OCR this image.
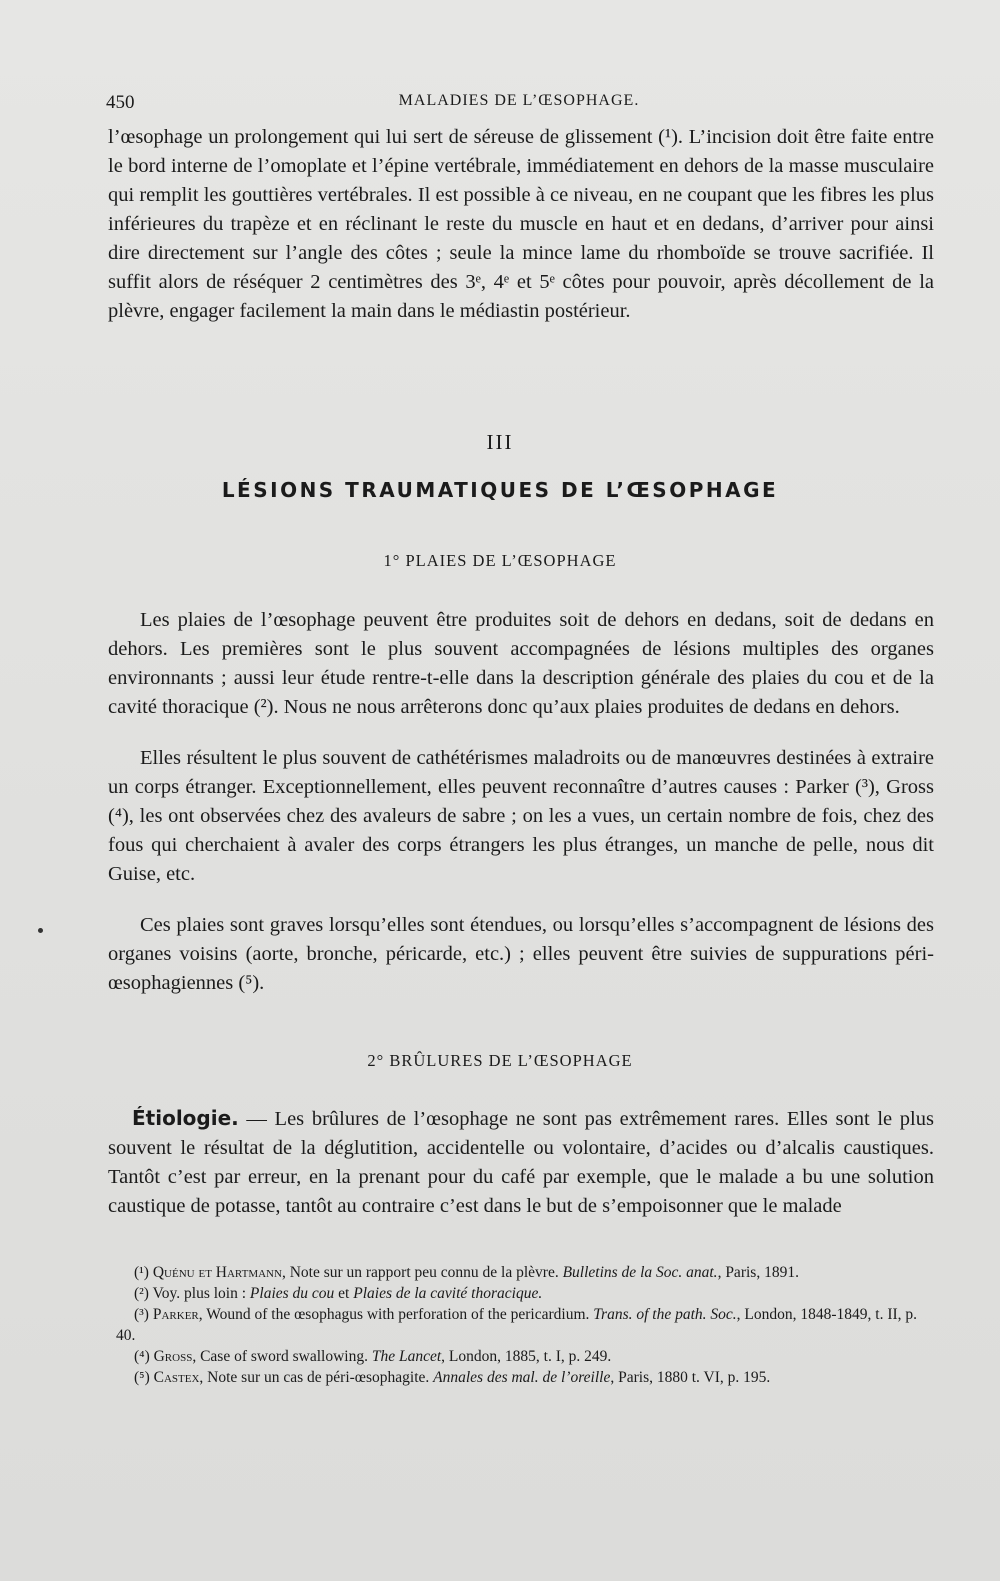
450	MALADIES DE L’ŒSOPHAGE.

l’œsophage un prolongement qui lui sert de séreuse de glissement (¹). L’incision doit être faite entre le bord interne de l’omoplate et l’épine vertébrale, immédiatement en dehors de la masse musculaire qui remplit les gouttières vertébrales. Il est possible à ce niveau, en ne coupant que les fibres les plus inférieures du trapèze et en réclinant le reste du muscle en haut et en dedans, d’arriver pour ainsi dire directement sur l’angle des côtes ; seule la mince lame du rhomboïde se trouve sacrifiée. Il suffit alors de réséquer 2 centimètres des 3ᵉ, 4ᵉ et 5ᵉ côtes pour pouvoir, après décollement de la plèvre, engager facilement la main dans le médiastin postérieur.

III
LÉSIONS TRAUMATIQUES DE L’ŒSOPHAGE
1° PLAIES DE L’ŒSOPHAGE

Les plaies de l’œsophage peuvent être produites soit de dehors en dedans, soit de dedans en dehors. Les premières sont le plus souvent accompagnées de lésions multiples des organes environnants ; aussi leur étude rentre-t-elle dans la description générale des plaies du cou et de la cavité thoracique (²). Nous ne nous arrêterons donc qu’aux plaies produites de dedans en dehors.

Elles résultent le plus souvent de cathétérismes maladroits ou de manœuvres destinées à extraire un corps étranger. Exceptionnellement, elles peuvent reconnaître d’autres causes : Parker (³), Gross (⁴), les ont observées chez des avaleurs de sabre ; on les a vues, un certain nombre de fois, chez des fous qui cherchaient à avaler des corps étrangers les plus étranges, un manche de pelle, nous dit Guise, etc.

Ces plaies sont graves lorsqu’elles sont étendues, ou lorsqu’elles s’accompagnent de lésions des organes voisins (aorte, bronche, péricarde, etc.) ; elles peuvent être suivies de suppurations péri-œsophagiennes (⁵).

2° BRÛLURES DE L’ŒSOPHAGE

Étiologie. — Les brûlures de l’œsophage ne sont pas extrêmement rares. Elles sont le plus souvent le résultat de la déglutition, accidentelle ou volontaire, d’acides ou d’alcalis caustiques. Tantôt c’est par erreur, en la prenant pour du café par exemple, que le malade a bu une solution caustique de potasse, tantôt au contraire c’est dans le but de s’empoisonner que le malade

(¹) Quénu et Hartmann, Note sur un rapport peu connu de la plèvre. Bulletins de la Soc. anat., Paris, 1891.

(²) Voy. plus loin : Plaies du cou et Plaies de la cavité thoracique.

(³) Parker, Wound of the œsophagus with perforation of the pericardium. Trans. of the path. Soc., London, 1848-1849, t. II, p. 40.

(⁴) Gross, Case of sword swallowing. The Lancet, London, 1885, t. I, p. 249.

(⁵) Castex, Note sur un cas de péri-œsophagite. Annales des mal. de l’oreille, Paris, 1880 t. VI, p. 195.
